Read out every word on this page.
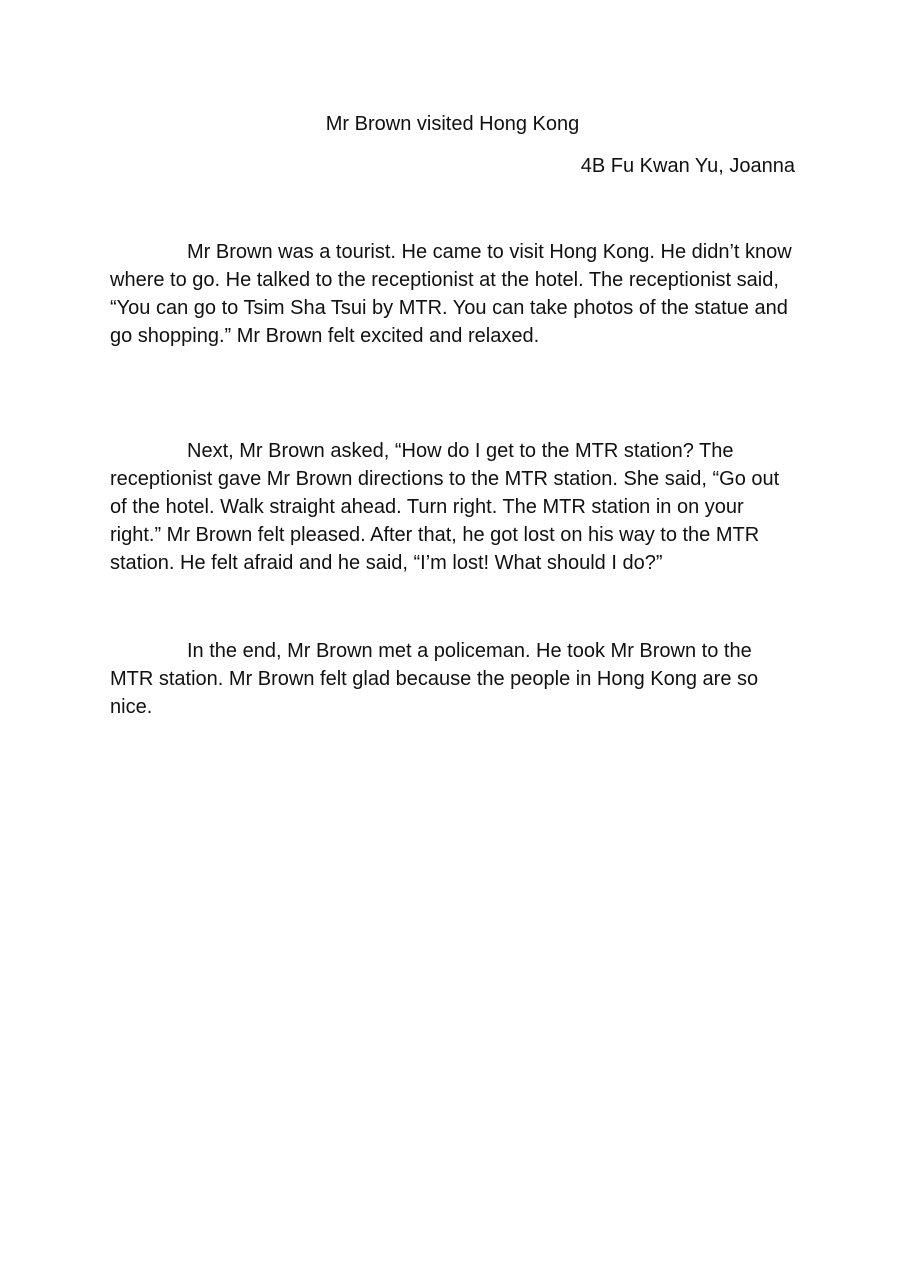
Mr Brown visited Hong Kong

4B Fu Kwan Yu, Joanna

Mr Brown was a tourist. He came to visit Hong Kong. He didn’t know where to go. He talked to the receptionist at the hotel. The receptionist said, “You can go to Tsim Sha Tsui by MTR. You can take photos of the statue and go shopping.” Mr Brown felt excited and relaxed.

Next, Mr Brown asked, “How do I get to the MTR station? The receptionist gave Mr Brown directions to the MTR station. She said, “Go out of the hotel. Walk straight ahead. Turn right. The MTR station in on your right.” Mr Brown felt pleased. After that, he got lost on his way to the MTR station. He felt afraid and he said, “I’m lost! What should I do?”

In the end, Mr Brown met a policeman. He took Mr Brown to the MTR station. Mr Brown felt glad because the people in Hong Kong are so nice.
